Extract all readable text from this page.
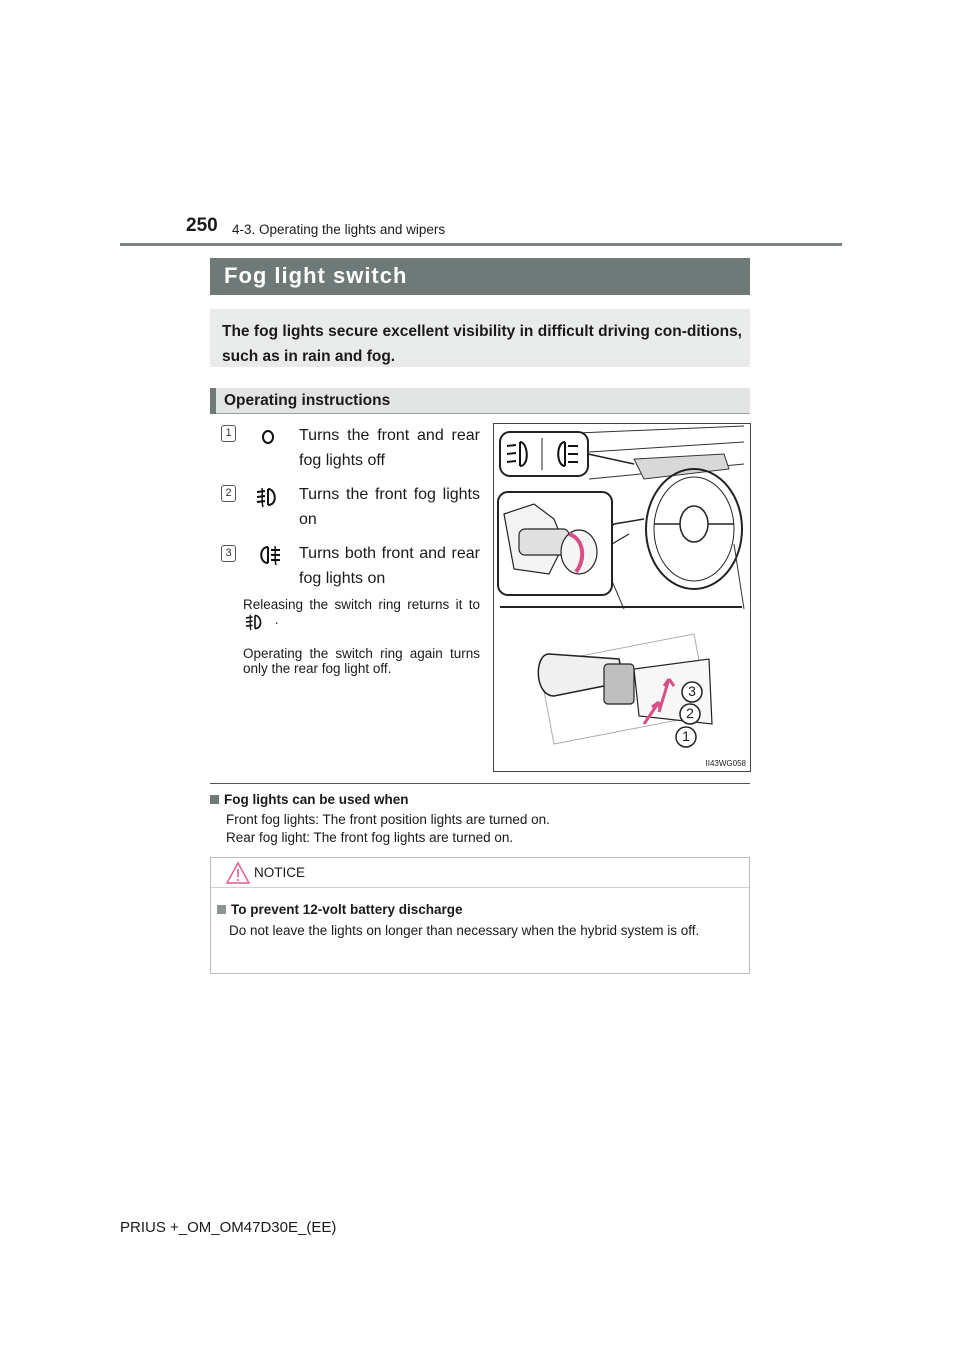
250 4-3. Operating the lights and wipers
Fog light switch
The fog lights secure excellent visibility in difficult driving con-ditions, such as in rain and fog.
Operating instructions
1	Turns the front and rear fog lights off
2	Turns the front fog lights on
3	Turns both front and rear fog lights on
Releasing the switch ring returns it to  .
Operating the switch ring again turns only the rear fog light off.
3
2
1
II43WG058
Fog lights can be used when
Front fog lights: The front position lights are turned on.
Rear fog light: The front fog lights are turned on.
NOTICE
To prevent 12-volt battery discharge
Do not leave the lights on longer than necessary when the hybrid system is off.
PRIUS +_OM_OM47D30E_(EE)
